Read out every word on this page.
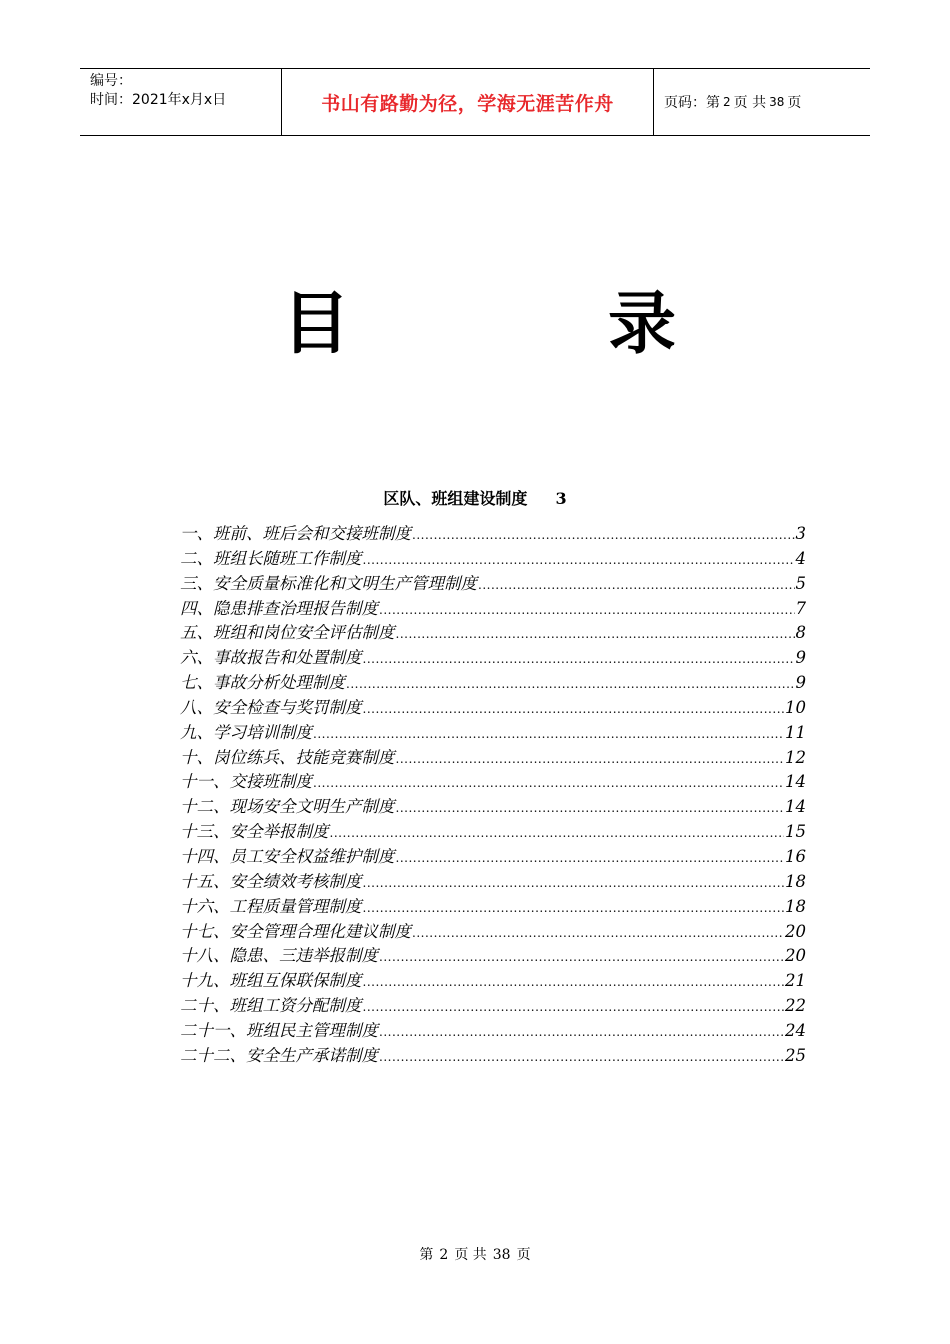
编号：
时间：2021年x月x日	书山有路勤为径，学海无涯苦作舟	页码：第 2 页 共 38 页
目	录
区队、班组建设制度 3
一、班前、班后会和交接班制度 .....	3
二、班组长随班工作制度 .....	4
三、安全质量标准化和文明生产管理制度 .....	5
四、隐患排查治理报告制度 .....	7
五、班组和岗位安全评估制度 .....	8
六、事故报告和处置制度 .....	9
七、事故分析处理制度 .....	9
八、安全检查与奖罚制度 .....	10
九、学习培训制度 .....	11
十、岗位练兵、技能竞赛制度 .....	12
十一、交接班制度 .....	14
十二、现场安全文明生产制度 .....	14
十三、安全举报制度 .....	15
十四、员工安全权益维护制度 .....	16
十五、安全绩效考核制度 .....	18
十六、工程质量管理制度 .....	18
十七、安全管理合理化建议制度 .....	20
十八、隐患、三违举报制度 .....	20
十九、班组互保联保制度 .....	21
二十、班组工资分配制度 .....	22
二十一、班组民主管理制度 .....	24
二十二、安全生产承诺制度 .....	25
第 2 页 共 38 页
